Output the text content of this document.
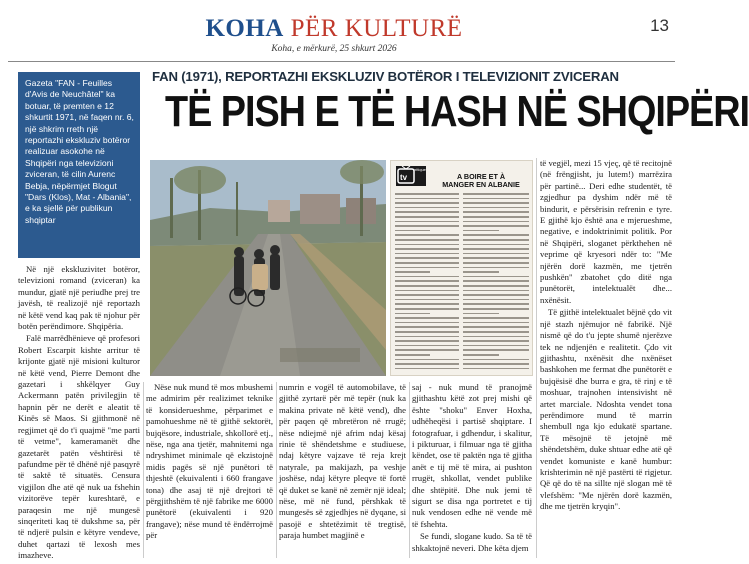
KOHA PËR KULTURË
Koha, e mërkurë, 25 shkurt 2026
13
Gazeta "FAN - Feuilles d'Avis de Neuchâtel" ka botuar, të premten e 12 shkurtit 1971, në faqen nr. 6, një shkrim rreth një reportazhi ekskluziv botëror realizuar asokohe në Shqipëri nga televizioni zviceran, të cilin Aurenc Bebja, nëpërmjet Blogut "Dars (Klos), Mat - Albania", e ka sjellë për publikun shqiptar
FAN (1971), REPORTAZHI EKSKLUZIV BOTËROR I TELEVIZIONIT ZVICERAN
TË PISH E TË HASH NË SHQIPËRI
tv
critique
A BOIRE ET À
MANGER EN ALBANIE

Në një ekskluzivitet botëror, televizioni romand (zviceran) ka mundur, gjatë një periudhe prej tre javësh, të realizojë një reportazh në këtë vend kaq pak të njohur për botën perëndimore. Shqipëria.

Falë marrëdhënieve që profesori Robert Escarpit kishte arritur të krijonte gjatë një misioni kulturor në këtë vend, Pierre Demont dhe gazetari i shkëlqyer Guy Ackermann patën privilegjin të hapnin për ne derët e aleatit të Kinës së Maos. Si gjithmonë në regjimet që do t'i quajmë "me parti të vetme", kameramanët dhe gazetarët patën vështirësi të pafundme për të dhënë një pasqyrë të saktë të situatës. Censura vigjilon dhe atë që nuk ua fshehin vizitorëve tepër kureshtarë, e paraqesin me një mungesë sinqeriteti kaq të dukshme sa, për të ndjerë pulsin e këtyre vendeve, duhet qartazi të lexosh mes imazheve.

Nëse nuk mund të mos mbushemi me admirim për realizimet teknike të konsiderueshme, përparimet e pamohueshme në të gjithë sektorët, bujqësore, industriale, shkollorë etj., nëse, nga ana tjetër, mahnitemi nga ndryshimet minimale që ekzistojnë midis pagës së një punëtori të thjeshtë (ekuivalenti i 660 frangave tona) dhe asaj të një drejtori të përgjithshëm të një fabrike me 6000 punëtorë (ekuivalenti i 920 frangave); nëse mund të ëndërrojmë për

numrin e vogël të automobilave, të gjithë zyrtarë për më tepër (nuk ka makina private në këtë vend), dhe për paqen që mbretëron në rrugë; nëse ndiejmë një afrim ndaj kësaj rinie të shëndetshme e studiuese, ndaj këtyre vajzave të reja krejt natyrale, pa makijazh, pa veshje joshëse, ndaj këtyre pleqve të fortë që duket se kanë në zemër një ideal; nëse, më në fund, përshkak të mungesës së zgjedhjes në dyqane, si pasojë e shtetëzimit të tregtisë, paraja humbet magjinë e

saj - nuk mund të pranojmë gjithashtu këtë zot prej mishi që ështe "shoku" Enver Hoxha, udhëheqësi i partisë shqiptare. I fotografuar, i gdhendur, i skalitur, i pikturuar, i filmuar nga të gjitha këndet, ose të paktën nga të gjitha anët e tij më të mira, ai pushton rrugët, shkollat, vendet publike dhe shtëpitë. Dhe nuk jemi të sigurt se disa nga portretet e tij nuk vendosen edhe në vende më të fshehta.

Se fundi, slogane kudo. Sa të të shkaktojnë neveri. Dhe këta djem

të vegjël, mezi 15 vjeç, që të recitojnë (në frëngjisht, ju lutem!) marrëzira për partinë... Deri edhe studentët, të zgjedhur pa dyshim ndër më të bindurit, e përsërisin refrenin e tyre. E gjithë kjo është ana e mjerueshme, negative, e indoktrinimit politik. Por në Shqipëri, sloganet përkthehen në veprime që kryesori ndër to: "Me njërën dorë kazmën, me tjetrën pushkën" zbatohet çdo ditë nga punëtorët, intelektualët dhe... nxënësit.

Të gjithë intelektualet bëjnë çdo vit një stazh njëmujor në fabrikë. Një nismë që do t'u jepte shumë njerëzve tek ne ndjenjën e realitetit. Çdo vit gjithashtu, nxënësit dhe nxënëset bashkohen me fermat dhe punëtorët e bujqësisë dhe burra e gra, të rinj e të moshuar, trajnohen intensivisht në artet marciale. Ndoshta vendet tona perëndimore mund të marrin shembull nga kjo edukatë spartane. Të mësojnë të jetojnë më shëndetshëm, duke shtuar edhe atë që vendet komuniste e kanë humbur: krishterimin në një pastërti të rigjetur. Që që do të na sillte një slogan më të vlefshëm: "Me njërën dorë kazmën, dhe me tjetrën kryqin".
